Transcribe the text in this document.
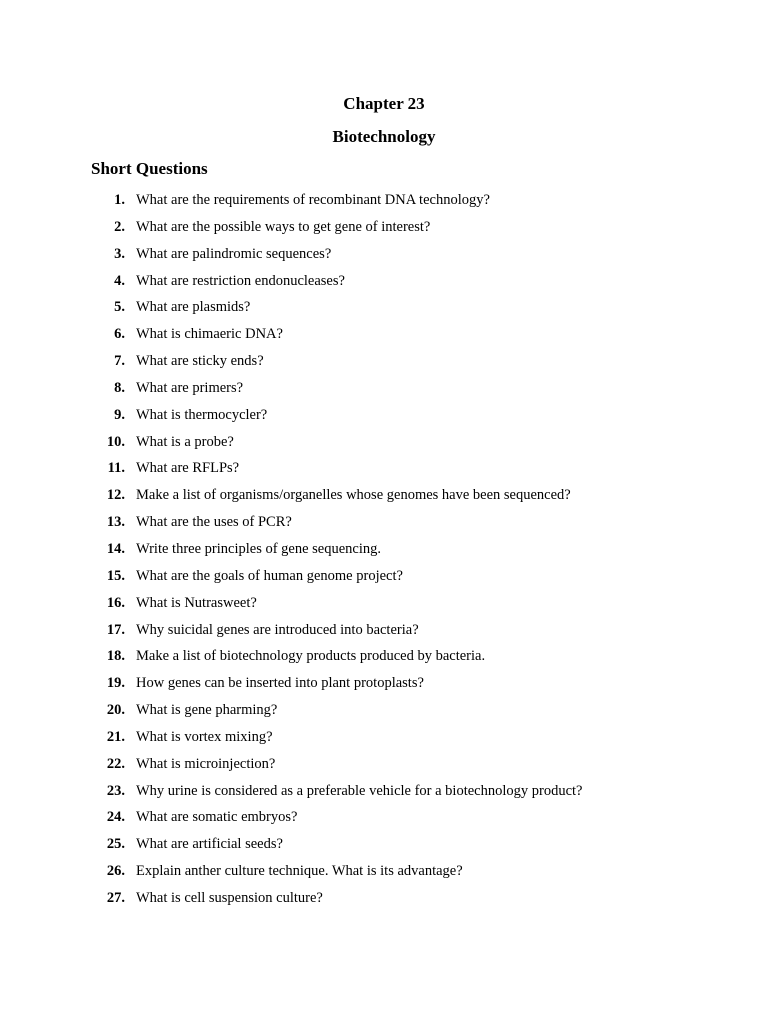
Chapter 23
Biotechnology
Short Questions
1. What are the requirements of recombinant DNA technology?
2. What are the possible ways to get gene of interest?
3. What are palindromic sequences?
4. What are restriction endonucleases?
5. What are plasmids?
6. What is chimaeric DNA?
7. What are sticky ends?
8. What are primers?
9. What is thermocycler?
10. What is a probe?
11. What are RFLPs?
12. Make a list of organisms/organelles whose genomes have been sequenced?
13. What are the uses of PCR?
14. Write three principles of gene sequencing.
15. What are the goals of human genome project?
16. What is Nutrasweet?
17. Why suicidal genes are introduced into bacteria?
18. Make a list of biotechnology products produced by bacteria.
19. How genes can be inserted into plant protoplasts?
20. What is gene pharming?
21. What is vortex mixing?
22. What is microinjection?
23. Why urine is considered as a preferable vehicle for a biotechnology product?
24. What are somatic embryos?
25. What are artificial seeds?
26. Explain anther culture technique. What is its advantage?
27. What is cell suspension culture?
